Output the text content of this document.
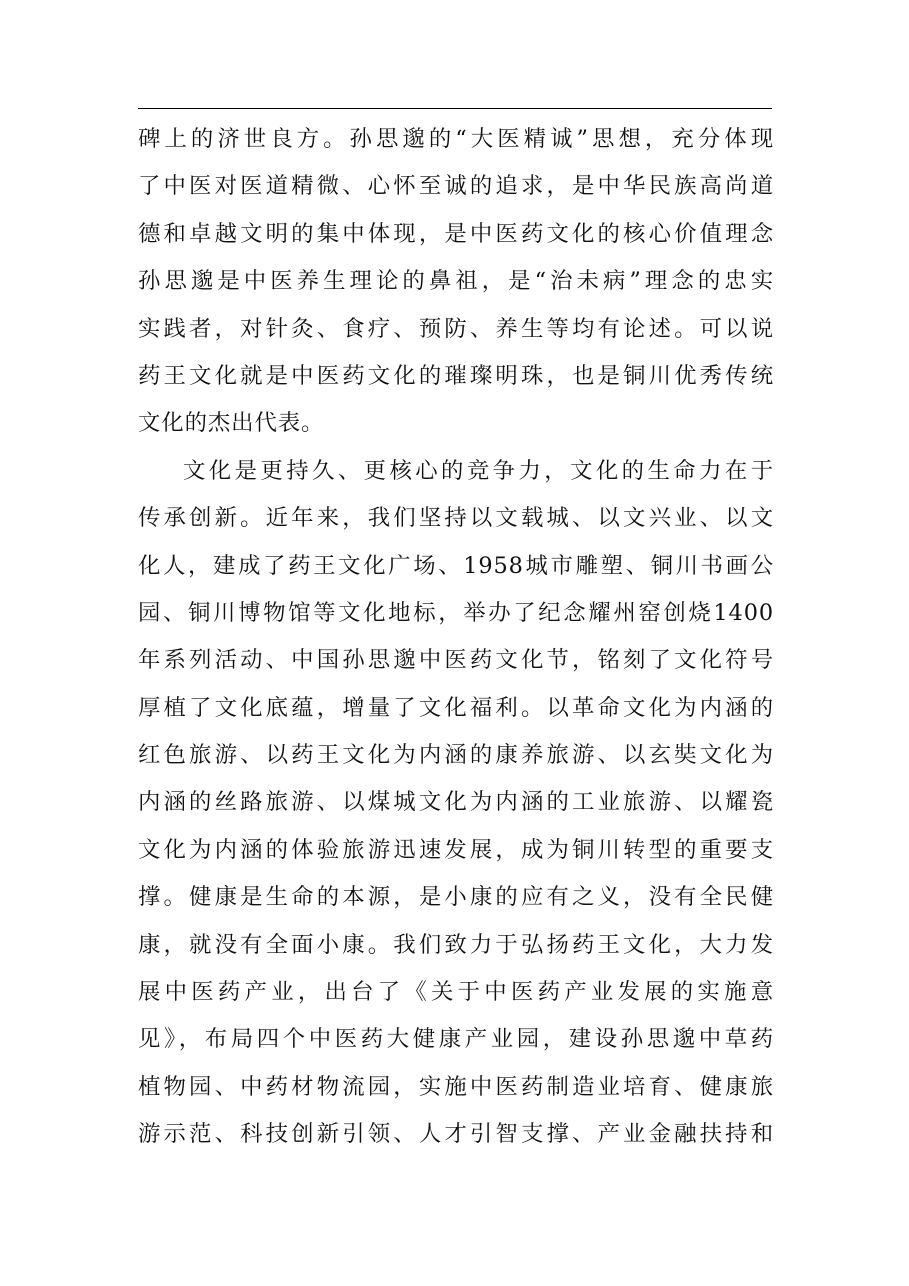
碑上的济世良方。孙思邈的“大医精诚”思想，充分体现
了中医对医道精微、心怀至诚的追求，是中华民族高尚道
德和卓越文明的集中体现，是中医药文化的核心价值理念
孙思邈是中医养生理论的鼻祖，是“治未病”理念的忠实
实践者，对针灸、食疗、预防、养生等均有论述。可以说
药王文化就是中医药文化的璀璨明珠，也是铜川优秀传统
文化的杰出代表。
文化是更持久、更核心的竞争力，文化的生命力在于
传承创新。近年来，我们坚持以文载城、以文兴业、以文
化人，建成了药王文化广场、1958城市雕塑、铜川书画公
园、铜川博物馆等文化地标，举办了纪念耀州窑创烧1400
年系列活动、中国孙思邈中医药文化节，铭刻了文化符号
厚植了文化底蕴，增量了文化福利。以革命文化为内涵的
红色旅游、以药王文化为内涵的康养旅游、以玄奘文化为
内涵的丝路旅游、以煤城文化为内涵的工业旅游、以耀瓷
文化为内涵的体验旅游迅速发展，成为铜川转型的重要支
撑。健康是生命的本源，是小康的应有之义，没有全民健
康，就没有全面小康。我们致力于弘扬药王文化，大力发
展中医药产业，出台了《关于中医药产业发展的实施意
见》，布局四个中医药大健康产业园，建设孙思邈中草药
植物园、中药材物流园，实施中医药制造业培育、健康旅
游示范、科技创新引领、人才引智支撑、产业金融扶持和
